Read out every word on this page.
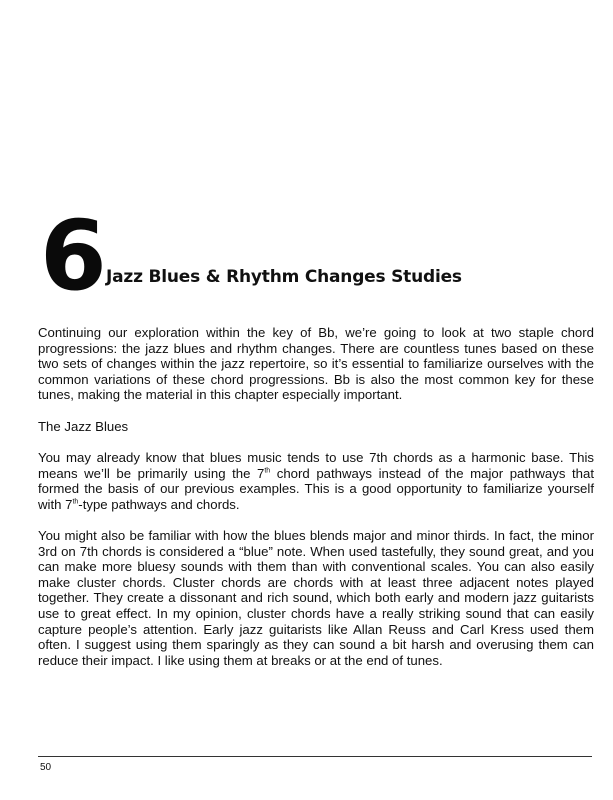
6 Jazz Blues & Rhythm Changes Studies

Continuing our exploration within the key of Bb, we’re going to look at two staple chord progressions: the jazz blues and rhythm changes. There are countless tunes based on these two sets of changes within the jazz repertoire, so it’s essential to familiarize ourselves with the common variations of these chord progressions. Bb is also the most common key for these tunes, making the material in this chapter especially important.

The Jazz Blues

You may already know that blues music tends to use 7th chords as a harmonic base. This means we’ll be primarily using the 7th chord pathways instead of the major pathways that formed the basis of our previous examples. This is a good opportunity to familiarize yourself with 7th-type pathways and chords.

You might also be familiar with how the blues blends major and minor thirds. In fact, the minor 3rd on 7th chords is considered a “blue” note. When used tastefully, they sound great, and you can make more bluesy sounds with them than with conventional scales. You can also easily make cluster chords. Cluster chords are chords with at least three adjacent notes played together. They create a dissonant and rich sound, which both early and modern jazz guitarists use to great effect. In my opinion, cluster chords have a really striking sound that can easily capture people’s attention. Early jazz guitarists like Allan Reuss and Carl Kress used them often. I suggest using them sparingly as they can sound a bit harsh and overusing them can reduce their impact. I like using them at breaks or at the end of tunes.

50
